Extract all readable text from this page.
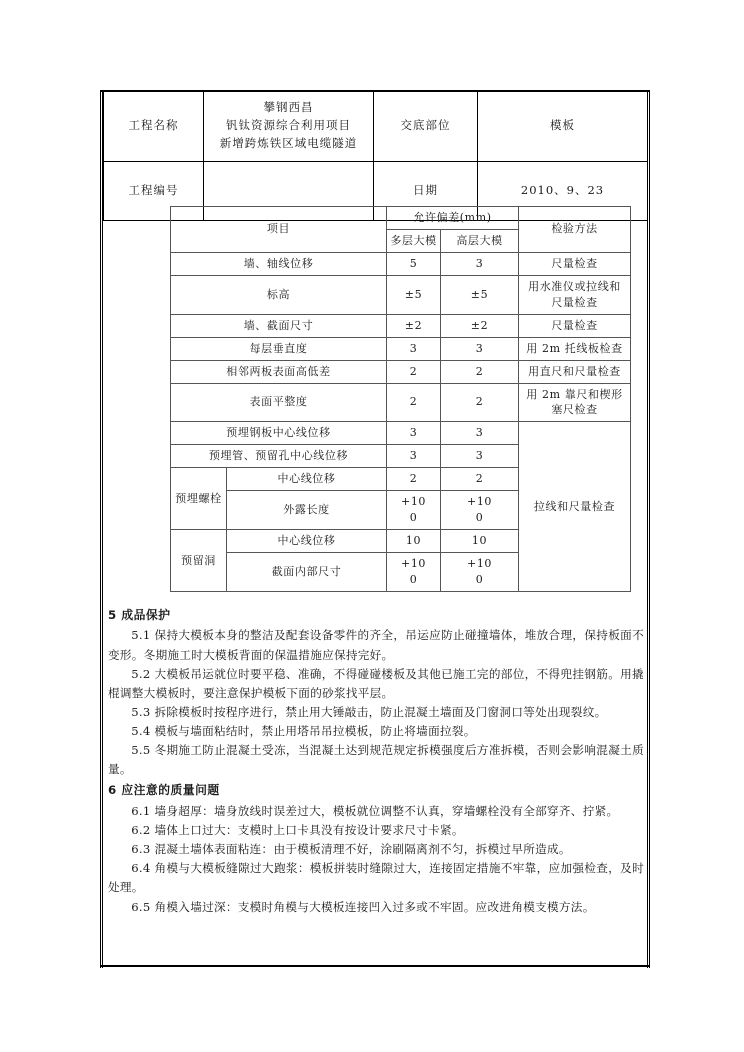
工程名称	攀钢西昌
钒钛资源综合利用项目
新增跨炼铁区域电缆隧道	交底部位	模板
工程编号		日期	2010、9、23
项目		允许偏差(mm)		检验方法
		多层大模	高层大模	
墙、轴线位移		5	3	尺量检查
标高		±5	±5	用水准仪或拉线和
尺量检查
墙、截面尺寸		±2	±2	尺量检查
每层垂直度		3	3	用 2m 托线板检查
相邻两板表面高低差		2	2	用直尺和尺量检查
表面平整度		2	2	用 2m 靠尺和楔形
塞尺检查
预埋钢板中心线位移		3	3	拉线和尺量检查
预埋管、预留孔中心线位移		3	3	
预埋螺栓	中心线位移	2	2	
	外露长度	+10
0	+10
0	

预留洞	中心线位移	10	10	
	截面内部尺寸	+10
0	+10
0	
5 成品保护

5.1 保持大模板本身的整洁及配套设备零件的齐全，吊运应防止碰撞墙体，堆放合理，保持板面不变形。冬期施工时大模板背面的保温措施应保持完好。

5.2 大模板吊运就位时要平稳、准确，不得碰碰楼板及其他已施工完的部位，不得兜挂钢筋。用撬棍调整大模板时，要注意保护模板下面的砂浆找平层。

5.3 拆除模板时按程序进行，禁止用大锤敲击，防止混凝土墙面及门窗洞口等处出现裂纹。

5.4 模板与墙面粘结时，禁止用塔吊吊拉模板，防止将墙面拉裂。

5.5 冬期施工防止混凝土受冻，当混凝土达到规范规定拆模强度后方准拆模，否则会影响混凝土质量。

6 应注意的质量问题

6.1 墙身超厚：墙身放线时误差过大，模板就位调整不认真，穿墙螺栓没有全部穿齐、拧紧。

6.2 墙体上口过大：支模时上口卡具没有按设计要求尺寸卡紧。

6.3 混凝土墙体表面粘连：由于模板清理不好，涂刷隔离剂不匀，拆模过早所造成。

6.4 角模与大模板缝隙过大跑浆：模板拼装时缝隙过大，连接固定措施不牢靠，应加强检查，及时处理。

6.5 角模入墙过深：支模时角模与大模板连接凹入过多或不牢固。应改进角模支模方法。
